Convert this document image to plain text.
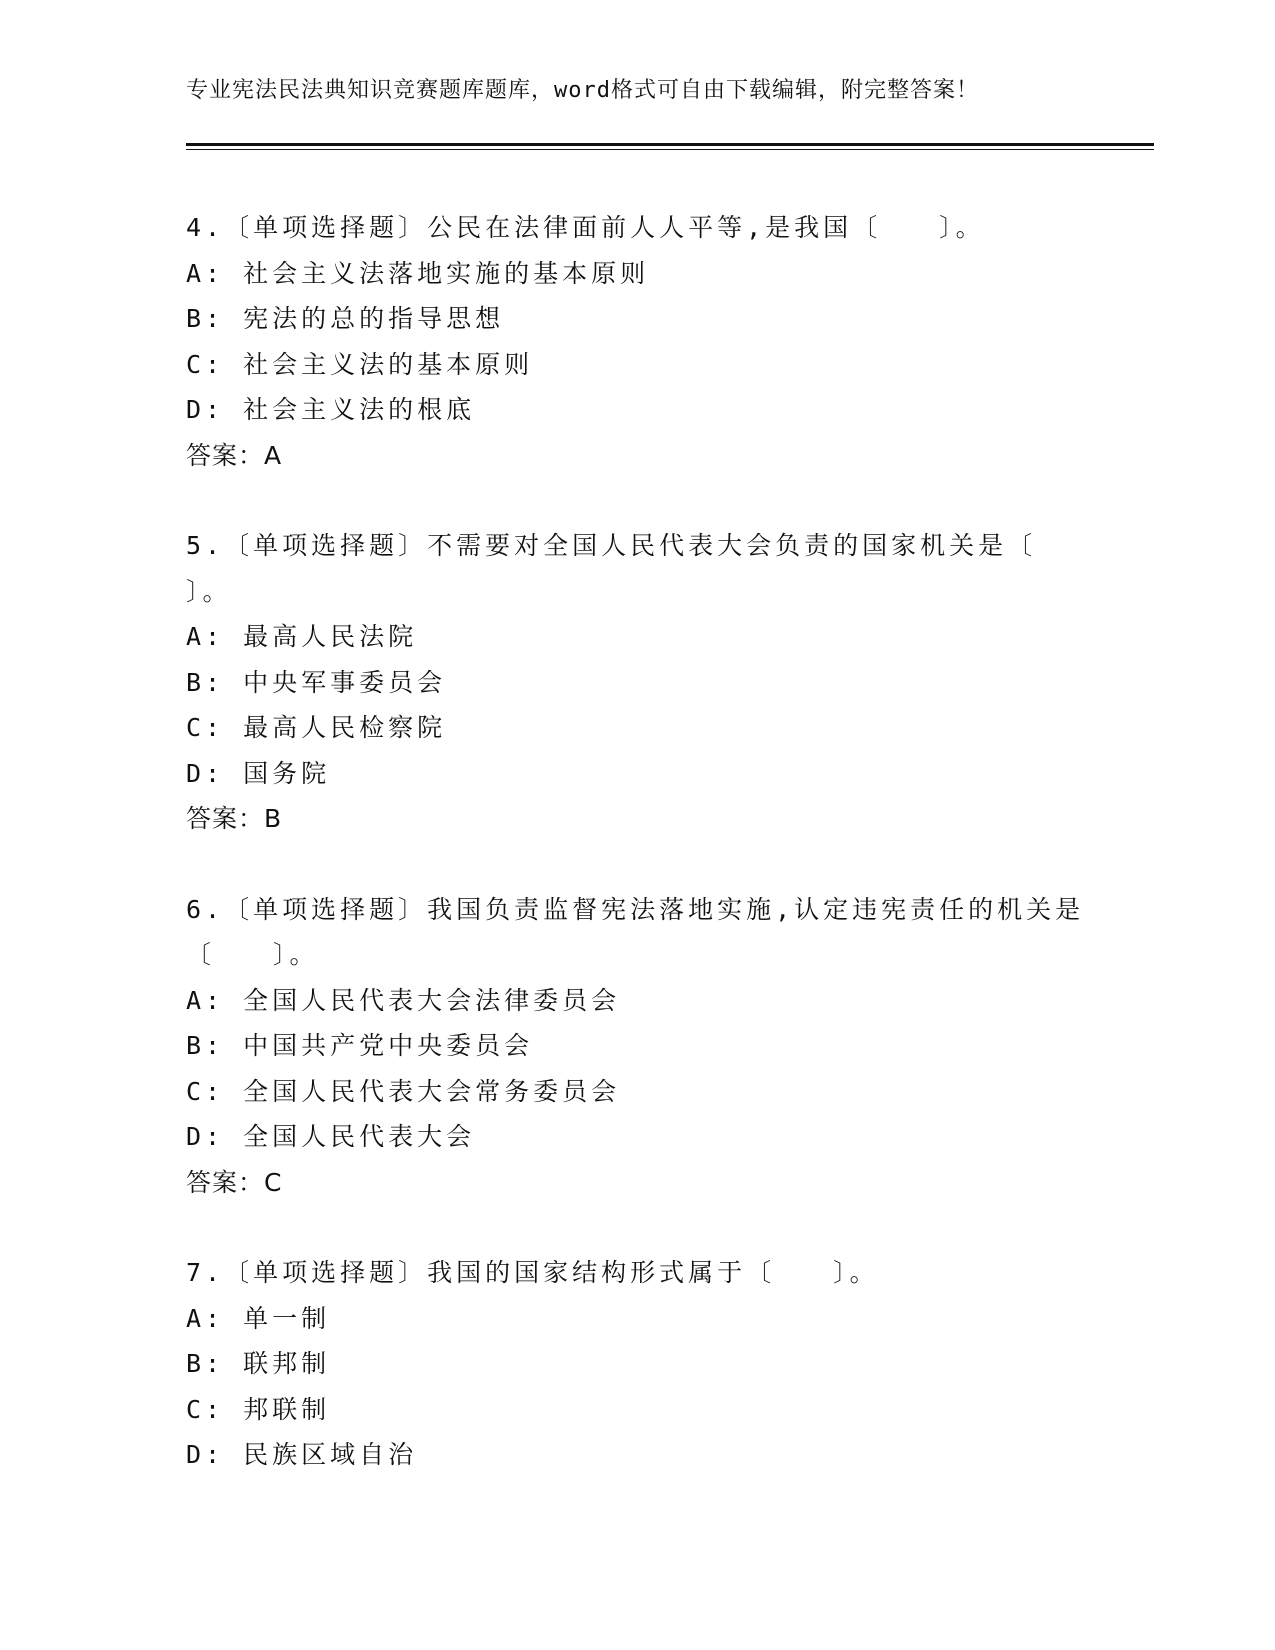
专业宪法民法典知识竞赛题库题库，word格式可自由下载编辑，附完整答案！
4.〔单项选择题〕公民在法律面前人人平等,是我国〔　　〕。
A: 社会主义法落地实施的基本原则
B: 宪法的总的指导思想
C: 社会主义法的基本原则
D: 社会主义法的根底
答案：A
5.〔单项选择题〕不需要对全国人民代表大会负责的国家机关是〔　　〕。
A: 最高人民法院
B: 中央军事委员会
C: 最高人民检察院
D: 国务院
答案：B
6.〔单项选择题〕我国负责监督宪法落地实施,认定违宪责任的机关是〔　　〕。
A: 全国人民代表大会法律委员会
B: 中国共产党中央委员会
C: 全国人民代表大会常务委员会
D: 全国人民代表大会
答案：C
7.〔单项选择题〕我国的国家结构形式属于〔　　〕。
A: 单一制
B: 联邦制
C: 邦联制
D: 民族区域自治
